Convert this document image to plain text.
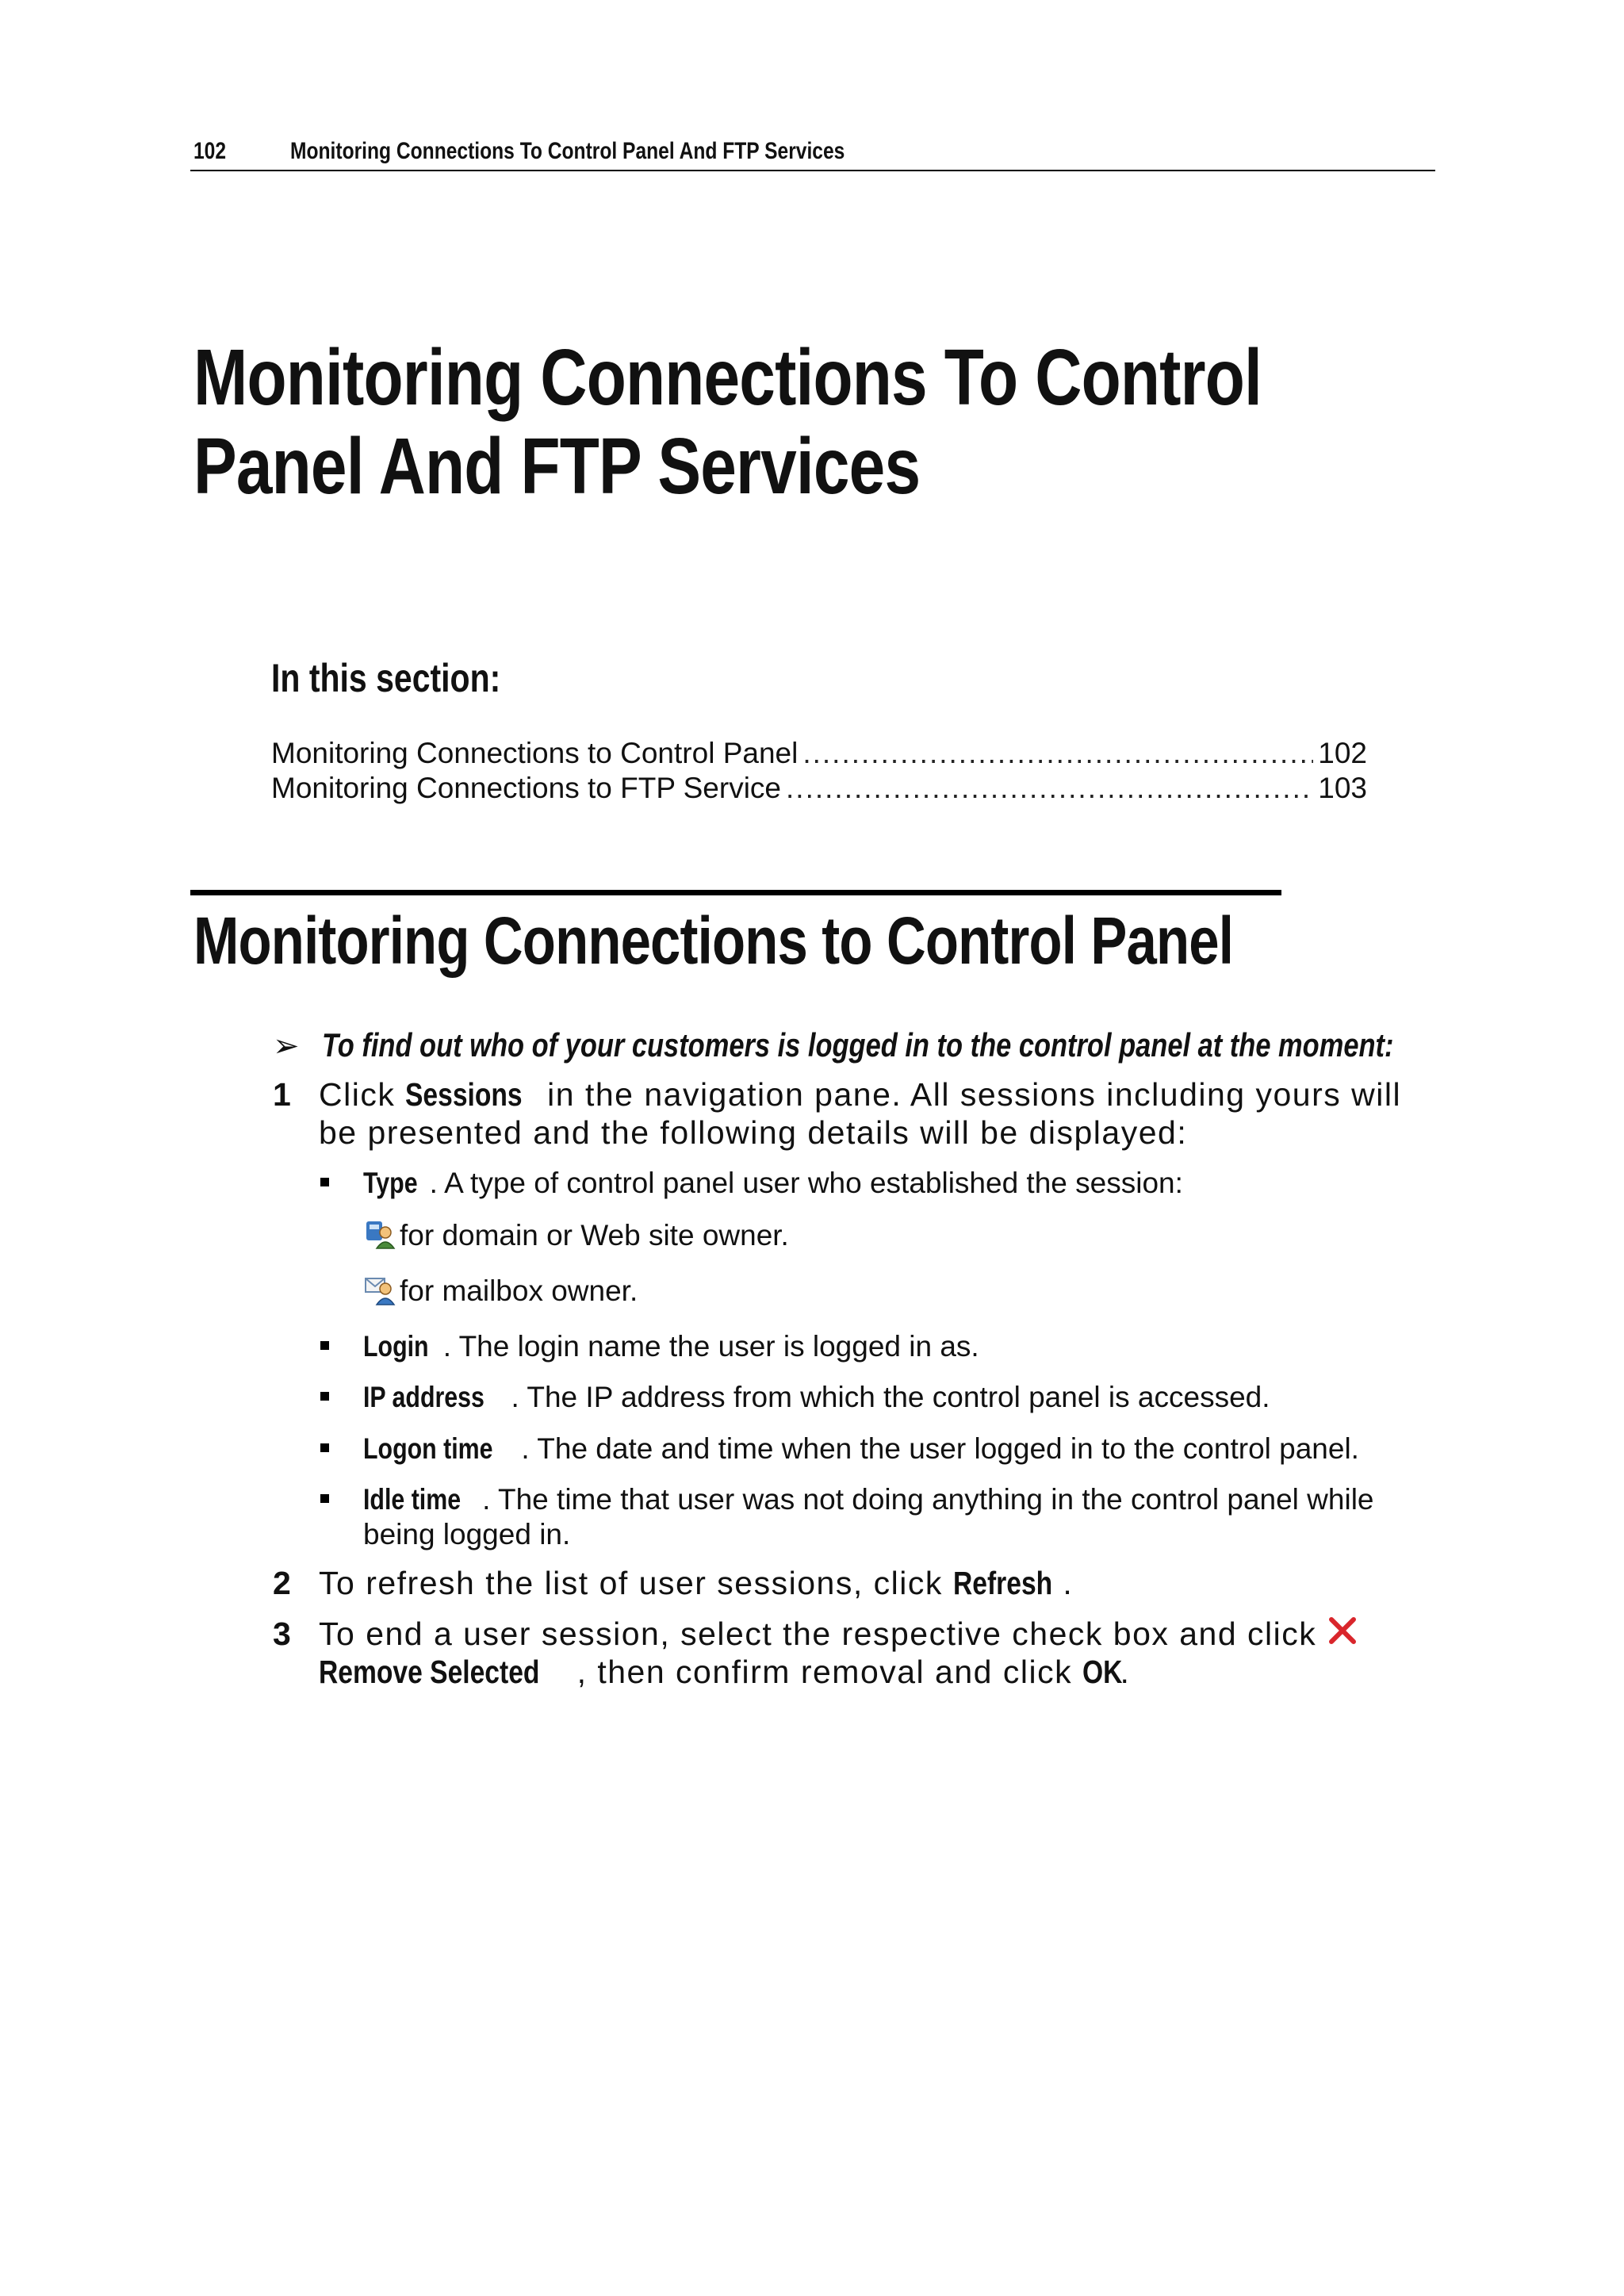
102	Monitoring Connections To Control Panel And FTP Services
Monitoring Connections To Control Panel And FTP Services
In this section:
Monitoring Connections to Control Panel .....	102
Monitoring Connections to FTP Service .....	103
Monitoring Connections to Control Panel
➢ To find out who of your customers is logged in to the control panel at the moment:
1 Click Sessions in the navigation pane. All sessions including yours will be presented and the following details will be displayed:
Type . A type of control panel user who established the session:
for domain or Web site owner.
for mailbox owner.
Login . The login name the user is logged in as.
IP address . The IP address from which the control panel is accessed.
Logon time . The date and time when the user logged in to the control panel.
Idle time . The time that user was not doing anything in the control panel while being logged in.
2 To refresh the list of user sessions, click Refresh .
3 To end a user session, select the respective check box and click
Remove Selected , then confirm removal and click OK.
